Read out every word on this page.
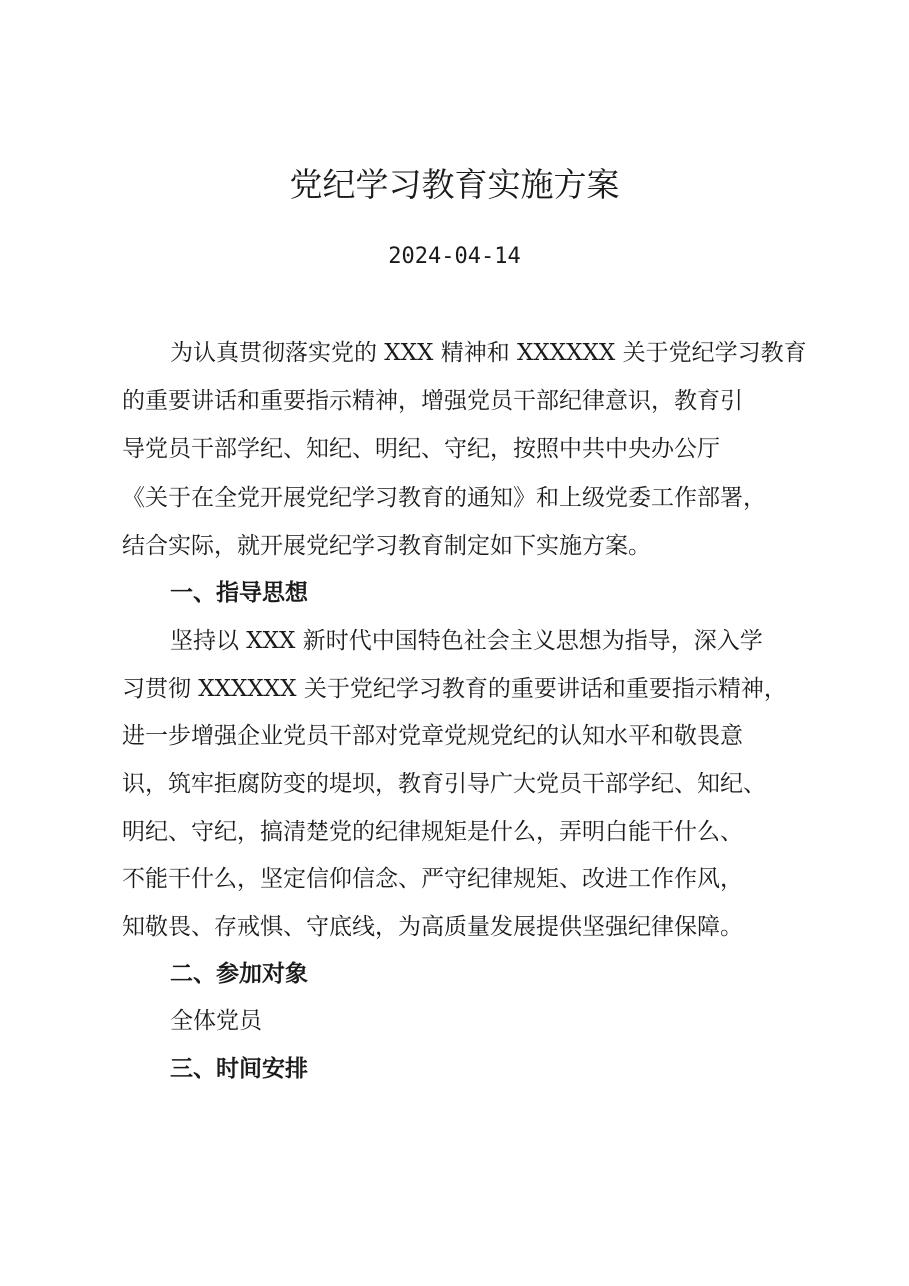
党纪学习教育实施方案
2024-04-14

为认真贯彻落实党的 XXX 精神和 XXXXXX 关于党纪学习教育

的重要讲话和重要指示精神，增强党员干部纪律意识，教育引

导党员干部学纪、知纪、明纪、守纪，按照中共中央办公厅

《关于在全党开展党纪学习教育的通知》和上级党委工作部署，

结合实际，就开展党纪学习教育制定如下实施方案。

一、指导思想

坚持以 XXX 新时代中国特色社会主义思想为指导，深入学

习贯彻 XXXXXX 关于党纪学习教育的重要讲话和重要指示精神，

进一步增强企业党员干部对党章党规党纪的认知水平和敬畏意

识，筑牢拒腐防变的堤坝，教育引导广大党员干部学纪、知纪、

明纪、守纪，搞清楚党的纪律规矩是什么，弄明白能干什么、

不能干什么，坚定信仰信念、严守纪律规矩、改进工作作风，

知敬畏、存戒惧、守底线，为高质量发展提供坚强纪律保障。

二、参加对象

全体党员

三、时间安排
